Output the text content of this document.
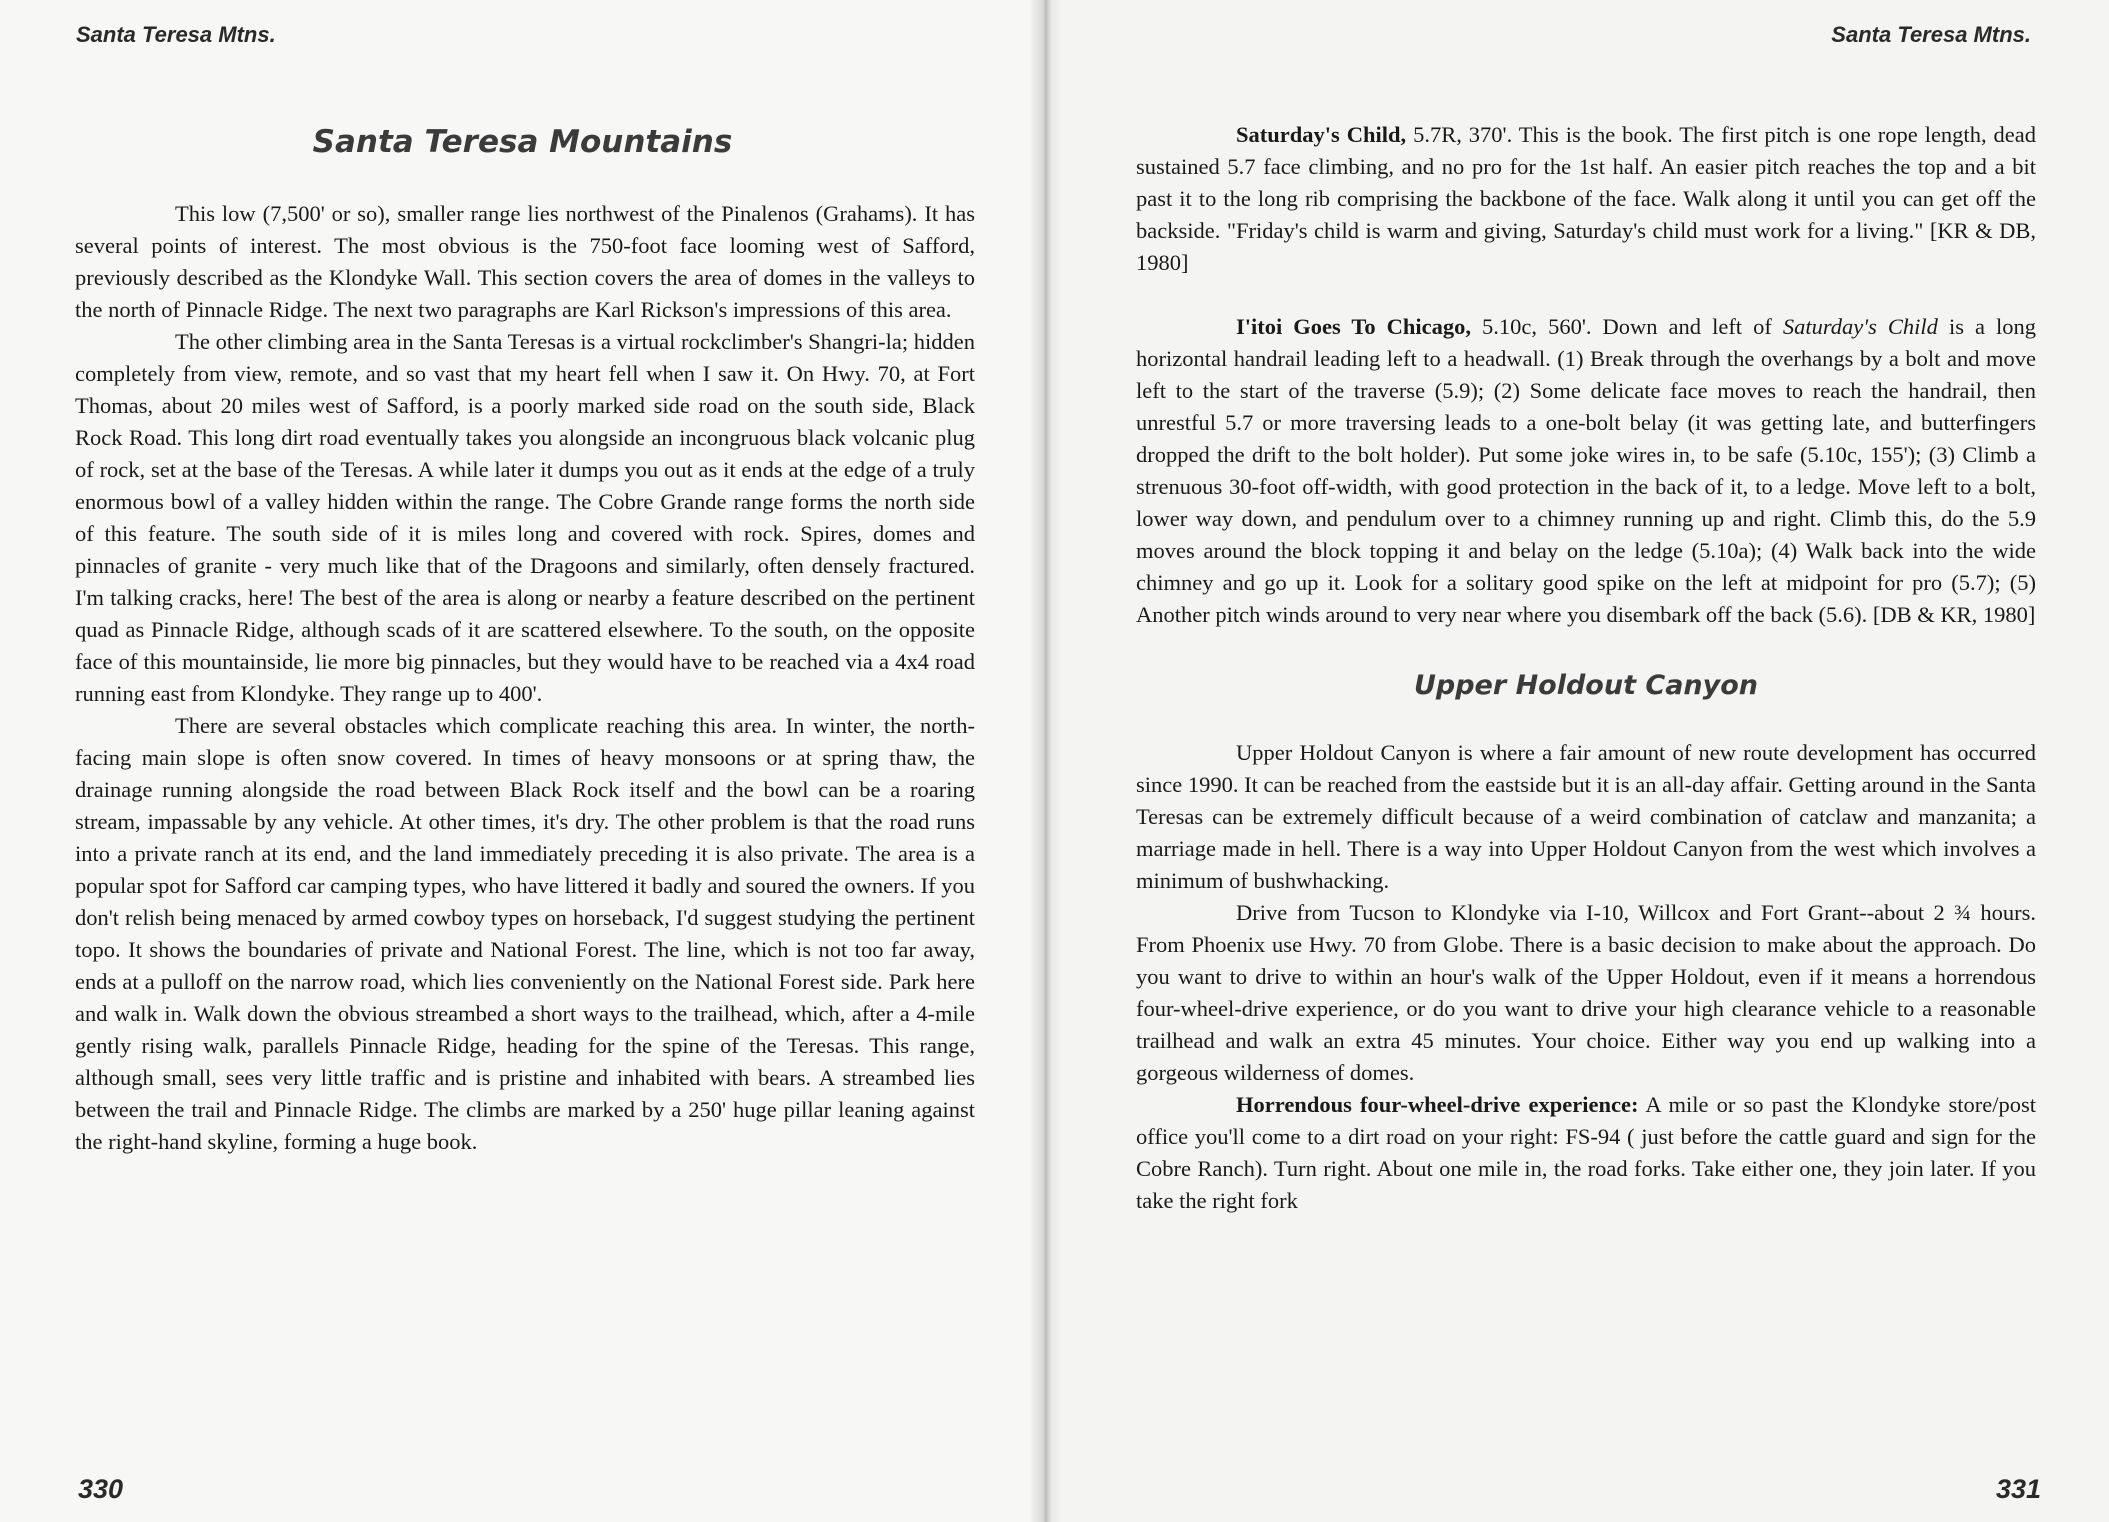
Santa Teresa Mtns.
Santa Teresa Mountains

This low (7,500' or so), smaller range lies northwest of the Pinalenos (Grahams). It has several points of interest. The most obvious is the 750-foot face looming west of Safford, previously described as the Klondyke Wall. This section covers the area of domes in the valleys to the north of Pinnacle Ridge. The next two paragraphs are Karl Rickson's impressions of this area.

The other climbing area in the Santa Teresas is a virtual rockclimber's Shangri-la; hidden completely from view, remote, and so vast that my heart fell when I saw it. On Hwy. 70, at Fort Thomas, about 20 miles west of Safford, is a poorly marked side road on the south side, Black Rock Road. This long dirt road eventually takes you alongside an incongruous black volcanic plug of rock, set at the base of the Teresas. A while later it dumps you out as it ends at the edge of a truly enormous bowl of a valley hidden within the range. The Cobre Grande range forms the north side of this feature. The south side of it is miles long and covered with rock. Spires, domes and pinnacles of granite - very much like that of the Dragoons and similarly, often densely fractured. I'm talking cracks, here! The best of the area is along or nearby a feature described on the pertinent quad as Pinnacle Ridge, although scads of it are scattered elsewhere. To the south, on the opposite face of this mountainside, lie more big pinnacles, but they would have to be reached via a 4x4 road running east from Klondyke. They range up to 400'.

There are several obstacles which complicate reaching this area. In winter, the north-facing main slope is often snow covered. In times of heavy monsoons or at spring thaw, the drainage running alongside the road between Black Rock itself and the bowl can be a roaring stream, impassable by any vehicle. At other times, it's dry. The other problem is that the road runs into a private ranch at its end, and the land immediately preceding it is also private. The area is a popular spot for Safford car camping types, who have littered it badly and soured the owners. If you don't relish being menaced by armed cowboy types on horseback, I'd suggest studying the pertinent topo. It shows the boundaries of private and National Forest. The line, which is not too far away, ends at a pulloff on the narrow road, which lies conveniently on the National Forest side. Park here and walk in. Walk down the obvious streambed a short ways to the trailhead, which, after a 4-mile gently rising walk, parallels Pinnacle Ridge, heading for the spine of the Teresas. This range, although small, sees very little traffic and is pristine and inhabited with bears. A streambed lies between the trail and Pinnacle Ridge. The climbs are marked by a 250' huge pillar leaning against the right-hand skyline, forming a huge book.

330
Santa Teresa Mtns.

Saturday's Child, 5.7R, 370'. This is the book. The first pitch is one rope length, dead sustained 5.7 face climbing, and no pro for the 1st half. An easier pitch reaches the top and a bit past it to the long rib comprising the backbone of the face. Walk along it until you can get off the backside. "Friday's child is warm and giving, Saturday's child must work for a living." [KR & DB, 1980]

I'itoi Goes To Chicago, 5.10c, 560'. Down and left of Saturday's Child is a long horizontal handrail leading left to a headwall. (1) Break through the overhangs by a bolt and move left to the start of the traverse (5.9); (2) Some delicate face moves to reach the handrail, then unrestful 5.7 or more traversing leads to a one-bolt belay (it was getting late, and butterfingers dropped the drift to the bolt holder). Put some joke wires in, to be safe (5.10c, 155'); (3) Climb a strenuous 30-foot off-width, with good protection in the back of it, to a ledge. Move left to a bolt, lower way down, and pendulum over to a chimney running up and right. Climb this, do the 5.9 moves around the block topping it and belay on the ledge (5.10a); (4) Walk back into the wide chimney and go up it. Look for a solitary good spike on the left at midpoint for pro (5.7); (5) Another pitch winds around to very near where you disembark off the back (5.6). [DB & KR, 1980]

Upper Holdout Canyon

Upper Holdout Canyon is where a fair amount of new route development has occurred since 1990. It can be reached from the eastside but it is an all-day affair. Getting around in the Santa Teresas can be extremely difficult because of a weird combination of catclaw and manzanita; a marriage made in hell. There is a way into Upper Holdout Canyon from the west which involves a minimum of bushwhacking.

Drive from Tucson to Klondyke via I-10, Willcox and Fort Grant--about 2 ¾ hours. From Phoenix use Hwy. 70 from Globe. There is a basic decision to make about the approach. Do you want to drive to within an hour's walk of the Upper Holdout, even if it means a horrendous four-wheel-drive experience, or do you want to drive your high clearance vehicle to a reasonable trailhead and walk an extra 45 minutes. Your choice. Either way you end up walking into a gorgeous wilderness of domes.

Horrendous four-wheel-drive experience: A mile or so past the Klondyke store/post office you'll come to a dirt road on your right: FS-94 ( just before the cattle guard and sign for the Cobre Ranch). Turn right. About one mile in, the road forks. Take either one, they join later. If you take the right fork

331
